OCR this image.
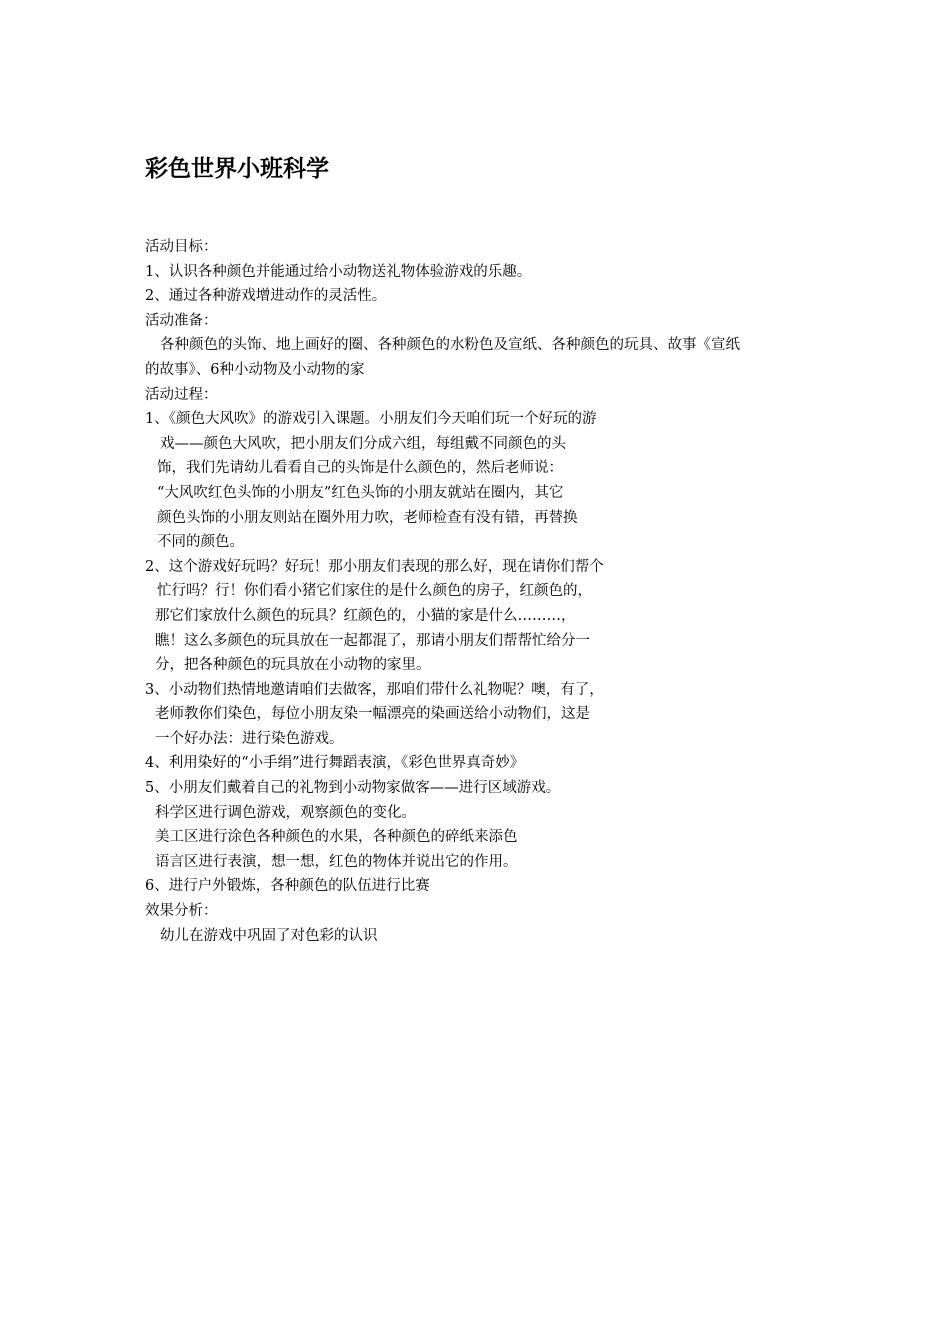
彩色世界小班科学
活动目标：
1、认识各种颜色并能通过给小动物送礼物体验游戏的乐趣。
2、通过各种游戏增进动作的灵活性。
活动准备：
各种颜色的头饰、地上画好的圈、各种颜色的水粉色及宣纸、各种颜色的玩具、故事《宣纸
的故事》、6种小动物及小动物的家
活动过程：
1、《颜色大风吹》的游戏引入课题。小朋友们今天咱们玩一个好玩的游
戏——颜色大风吹，把小朋友们分成六组，每组戴不同颜色的头
饰，我们先请幼儿看看自己的头饰是什么颜色的，然后老师说：
“大风吹红色头饰的小朋友”红色头饰的小朋友就站在圈内，其它
颜色头饰的小朋友则站在圈外用力吹，老师检查有没有错，再替换
不同的颜色。
2、这个游戏好玩吗？好玩！那小朋友们表现的那么好，现在请你们帮个
忙行吗？行！你们看小猪它们家住的是什么颜色的房子，红颜色的，
那它们家放什么颜色的玩具？红颜色的，小猫的家是什么………，
瞧！这么多颜色的玩具放在一起都混了，那请小朋友们帮帮忙给分一
分，把各种颜色的玩具放在小动物的家里。
3、小动物们热情地邀请咱们去做客，那咱们带什么礼物呢？噢，有了，
老师教你们染色，每位小朋友染一幅漂亮的染画送给小动物们，这是
一个好办法：进行染色游戏。
4、利用染好的“小手绢”进行舞蹈表演，《彩色世界真奇妙》
5、小朋友们戴着自己的礼物到小动物家做客——进行区域游戏。
科学区进行调色游戏，观察颜色的变化。
美工区进行涂色各种颜色的水果，各种颜色的碎纸来添色
语言区进行表演，想一想，红色的物体并说出它的作用。
6、进行户外锻炼，各种颜色的队伍进行比赛
效果分析：
幼儿在游戏中巩固了对色彩的认识
